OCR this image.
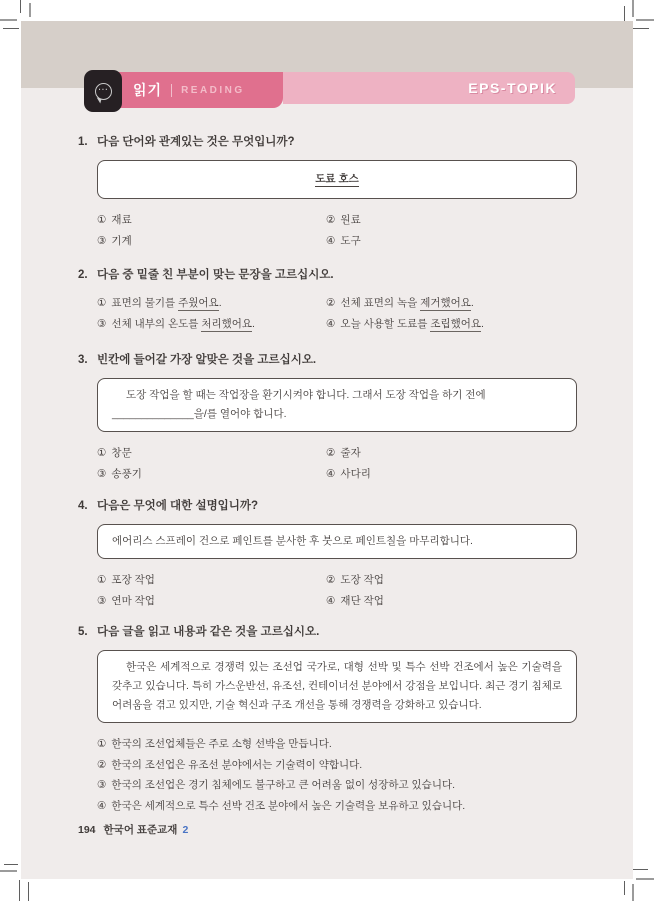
⋯
읽기 READING	EPS-TOPIK
1. 다음 단어와 관계있는 것은 무엇입니까?
도료 호스
① 재료	② 원료
③ 기계	④ 도구
2. 다음 중 밑줄 친 부분이 맞는 문장을 고르십시오.
① 표면의 물기를 주웠어요.	② 선체 표면의 녹을 제거했어요.
③ 선체 내부의 온도를 처리했어요.	④ 오늘 사용할 도료를 조립했어요.
3. 빈칸에 들어갈 가장 알맞은 것을 고르십시오.
도장 작업을 할 때는 작업장을 환기시켜야 합니다. 그래서 도장 작업을 하기 전에 ______________을/를 열어야 합니다.
① 창문	② 줄자
③ 송풍기	④ 사다리
4. 다음은 무엇에 대한 설명입니까?
에어리스 스프레이 건으로 페인트를 분사한 후 붓으로 페인트칠을 마무리합니다.
① 포장 작업	② 도장 작업
③ 연마 작업	④ 재단 작업
5. 다음 글을 읽고 내용과 같은 것을 고르십시오.
한국은 세계적으로 경쟁력 있는 조선업 국가로, 대형 선박 및 특수 선박 건조에서 높은 기술력을 갖추고 있습니다. 특히 가스운반선, 유조선, 컨테이너선 분야에서 강점을 보입니다. 최근 경기 침체로 어려움을 겪고 있지만, 기술 혁신과 구조 개선을 통해 경쟁력을 강화하고 있습니다.
① 한국의 조선업체들은 주로 소형 선박을 만듭니다.
② 한국의 조선업은 유조선 분야에서는 기술력이 약합니다.
③ 한국의 조선업은 경기 침체에도 불구하고 큰 어려움 없이 성장하고 있습니다.
④ 한국은 세계적으로 특수 선박 건조 분야에서 높은 기술력을 보유하고 있습니다.
194 한국어 표준교재 2
